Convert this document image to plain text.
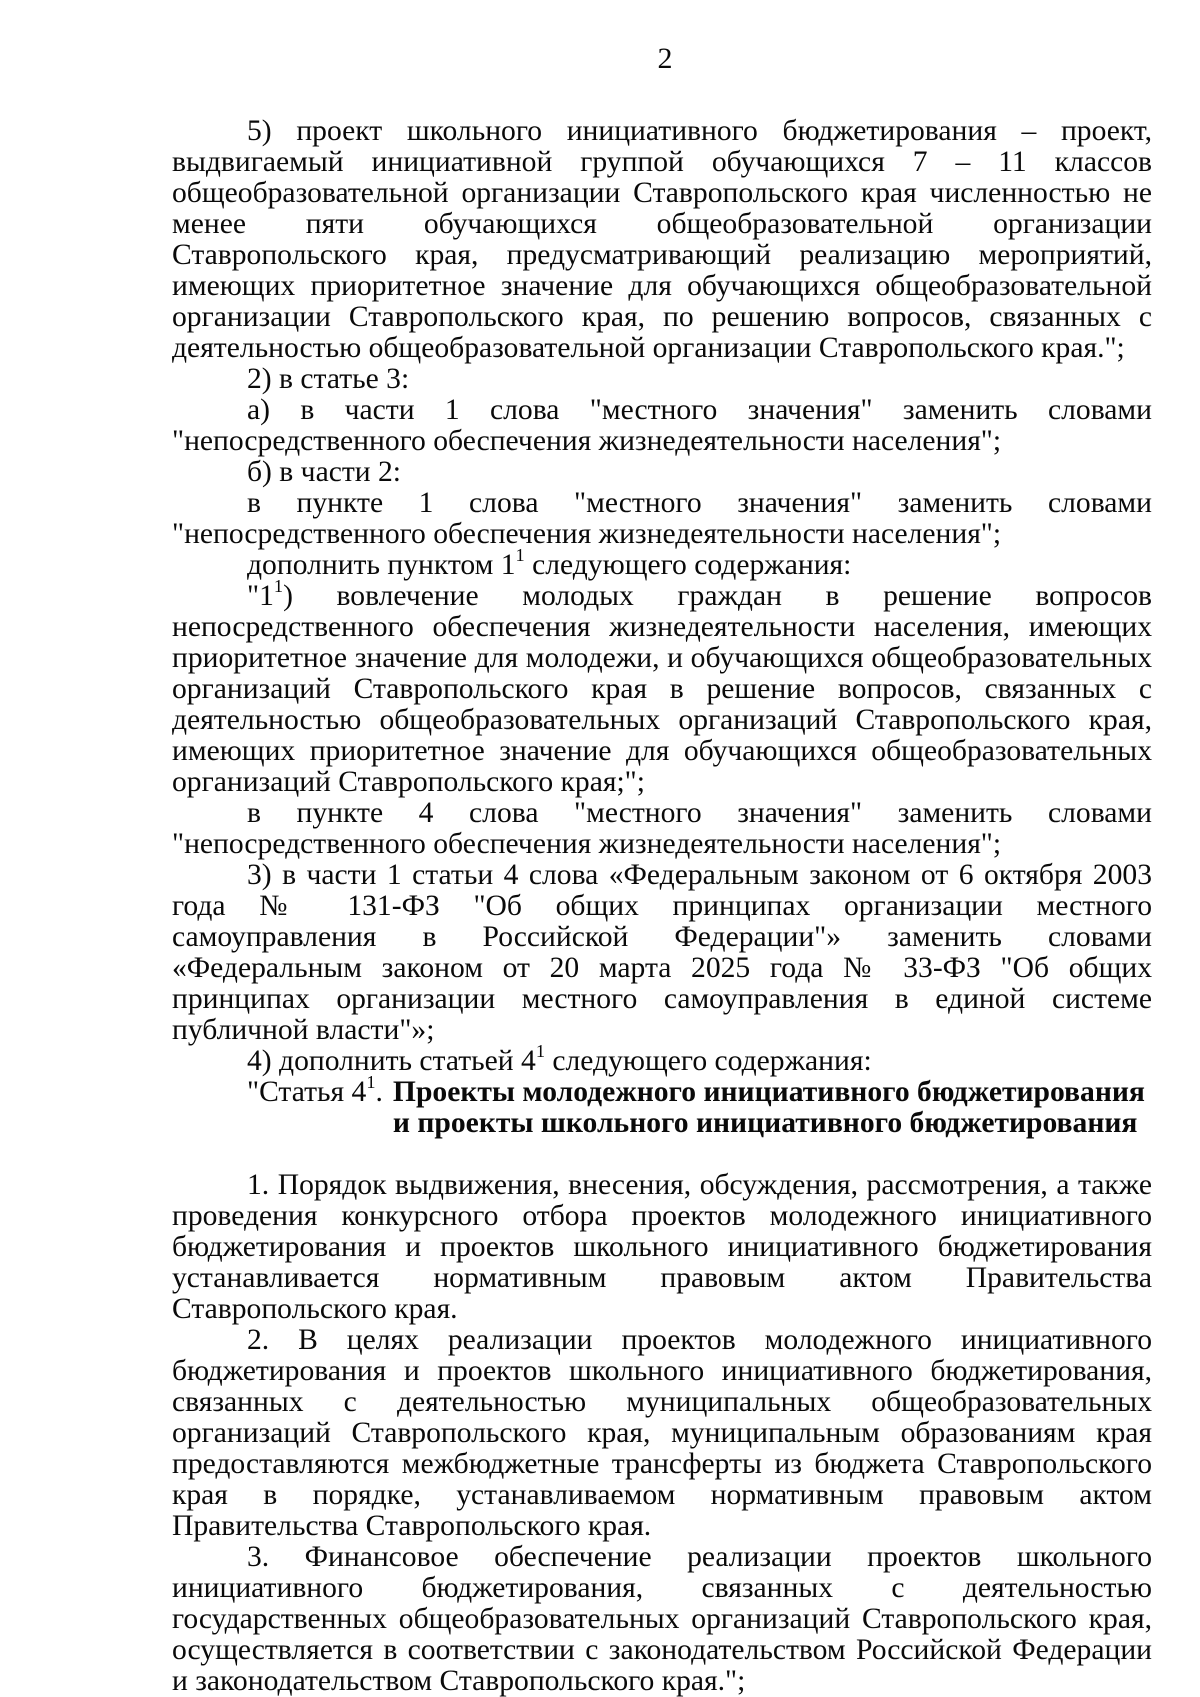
2

5) проект школьного инициативного бюджетирования – проект, выдвигаемый инициативной группой обучающихся 7 – 11 классов общеобразовательной организации Ставропольского края численностью не менее пяти обучающихся общеобразовательной организации Ставропольского края, предусматривающий реализацию мероприятий, имеющих приоритетное значение для обучающихся общеобразовательной организации Ставропольского края, по решению вопросов, связанных с деятельностью общеобразовательной организации Ставропольского края.";

2) в статье 3:

а) в части 1 слова "местного значения" заменить словами "непосредственного обеспечения жизнедеятельности населения";

б) в части 2:

в пункте 1 слова "местного значения" заменить словами "непосредственного обеспечения жизнедеятельности населения";

дополнить пунктом $1^1$ следующего содержания:

"$1^1$) вовлечение молодых граждан в решение вопросов непосредственного обеспечения жизнедеятельности населения, имеющих приоритетное значение для молодежи, и обучающихся общеобразовательных организаций Ставропольского края в решение вопросов, связанных с деятельностью общеобразовательных организаций Ставропольского края, имеющих приоритетное значение для обучающихся общеобразовательных организаций Ставропольского края;";

в пункте 4 слова "местного значения" заменить словами "непосредственного обеспечения жизнедеятельности населения";

3) в части 1 статьи 4 слова «Федеральным законом от 6 октября 2003 года № 131-ФЗ "Об общих принципах организации местного самоуправления в Российской Федерации"» заменить словами «Федеральным законом от 20 марта 2025 года № 33-ФЗ "Об общих принципах организации местного самоуправления в единой системе публичной власти"»;

4) дополнить статьей $4^1$ следующего содержания:

"Статья $4^1$. Проекты молодежного инициативного бюджетирования
и проекты школьного инициативного бюджетирования

1. Порядок выдвижения, внесения, обсуждения, рассмотрения, а также проведения конкурсного отбора проектов молодежного инициативного бюджетирования и проектов школьного инициативного бюджетирования устанавливается нормативным правовым актом Правительства Ставропольского края.

2. В целях реализации проектов молодежного инициативного бюджетирования и проектов школьного инициативного бюджетирования, связанных с деятельностью муниципальных общеобразовательных организаций Ставропольского края, муниципальным образованиям края предоставляются межбюджетные трансферты из бюджета Ставропольского края в порядке, устанавливаемом нормативным правовым актом Правительства Ставропольского края.

3. Финансовое обеспечение реализации проектов школьного инициативного бюджетирования, связанных с деятельностью государственных общеобразовательных организаций Ставропольского края, осуществляется в соответствии с законодательством Российской Федерации и законодательством Ставропольского края.";
